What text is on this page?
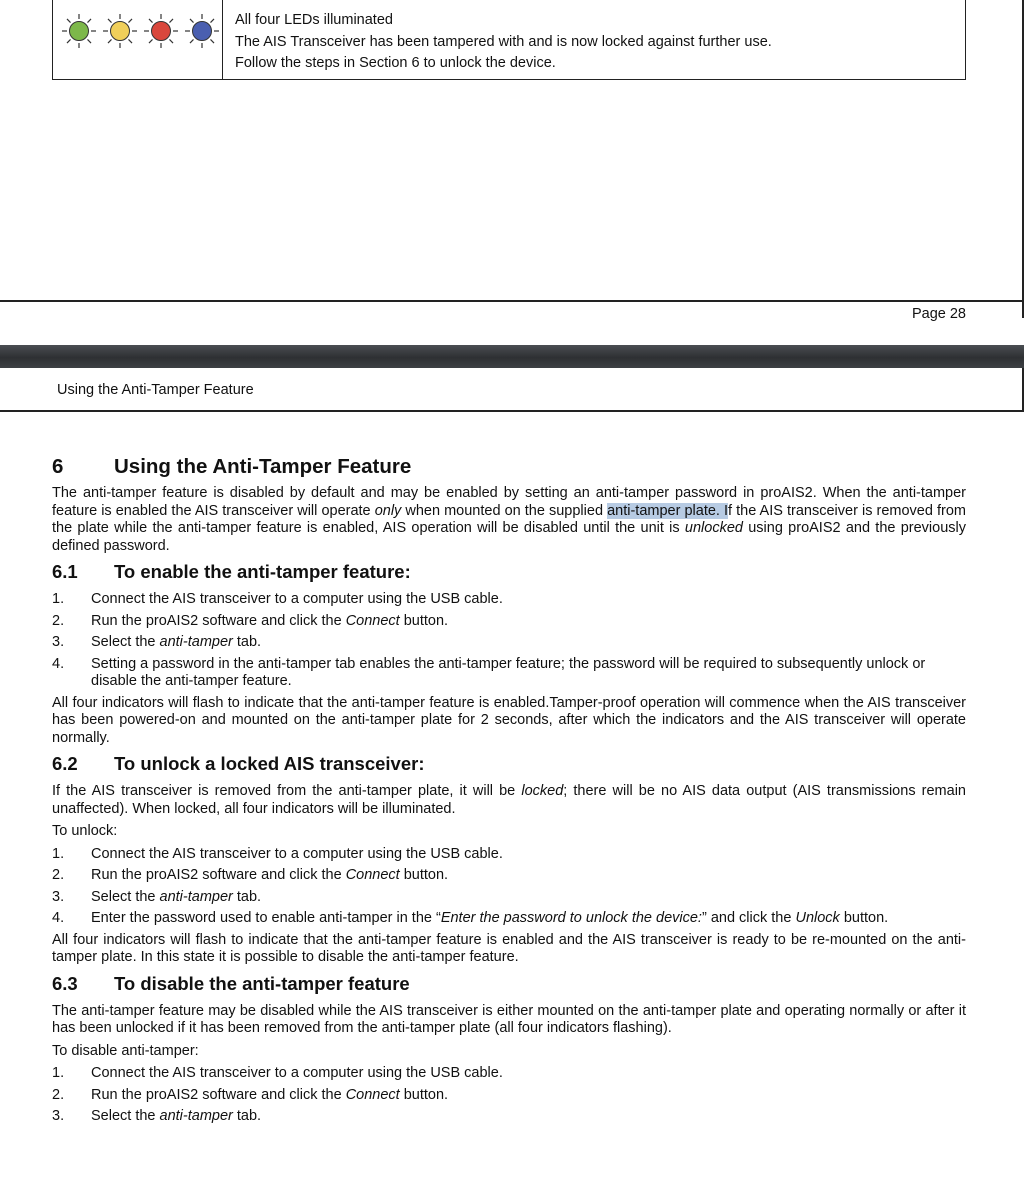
All four LEDs illuminated
The AIS Transceiver has been tampered with and is now locked against further use.
Follow the steps in Section 6 to unlock the device.
Page 28
Using the Anti-Tamper Feature
6	Using the Anti-Tamper Feature

The anti-tamper feature is disabled by default and may be enabled by setting an anti-tamper password in proAIS2. When the anti-tamper feature is enabled the AIS transceiver will operate only when mounted on the supplied anti-tamper plate. If the AIS transceiver is removed from the plate while the anti-tamper feature is enabled, AIS operation will be disabled until the unit is unlocked using proAIS2 and the previously defined password.

6.1	To enable the anti-tamper feature:
1.	Connect the AIS transceiver to a computer using the USB cable.
2.	Run the proAIS2 software and click the Connect button.
3.	Select the anti-tamper tab.
4.	Setting a password in the anti-tamper tab enables the anti-tamper feature; the password will be required to subsequently unlock or disable the anti-tamper feature.

All four indicators will flash to indicate that the anti-tamper feature is enabled.Tamper-proof operation will commence when the AIS transceiver has been powered-on and mounted on the anti-tamper plate for 2 seconds, after which the indicators and the AIS transceiver will operate normally.

6.2	To unlock a locked AIS transceiver:

If the AIS transceiver is removed from the anti-tamper plate, it will be locked; there will be no AIS data output (AIS transmissions remain unaffected). When locked, all four indicators will be illuminated.

To unlock:

1.	Connect the AIS transceiver to a computer using the USB cable.
2.	Run the proAIS2 software and click the Connect button.
3.	Select the anti-tamper tab.
4.	Enter the password used to enable anti-tamper in the “Enter the password to unlock the device:” and click the Unlock button.

All four indicators will flash to indicate that the anti-tamper feature is enabled and the AIS transceiver is ready to be re-mounted on the anti-tamper plate. In this state it is possible to disable the anti-tamper feature.

6.3	To disable the anti-tamper feature

The anti-tamper feature may be disabled while the AIS transceiver is either mounted on the anti-tamper plate and operating normally or after it has been unlocked if it has been removed from the anti-tamper plate (all four indicators flashing).

To disable anti-tamper:

1.	Connect the AIS transceiver to a computer using the USB cable.
2.	Run the proAIS2 software and click the Connect button.
3.	Select the anti-tamper tab.
